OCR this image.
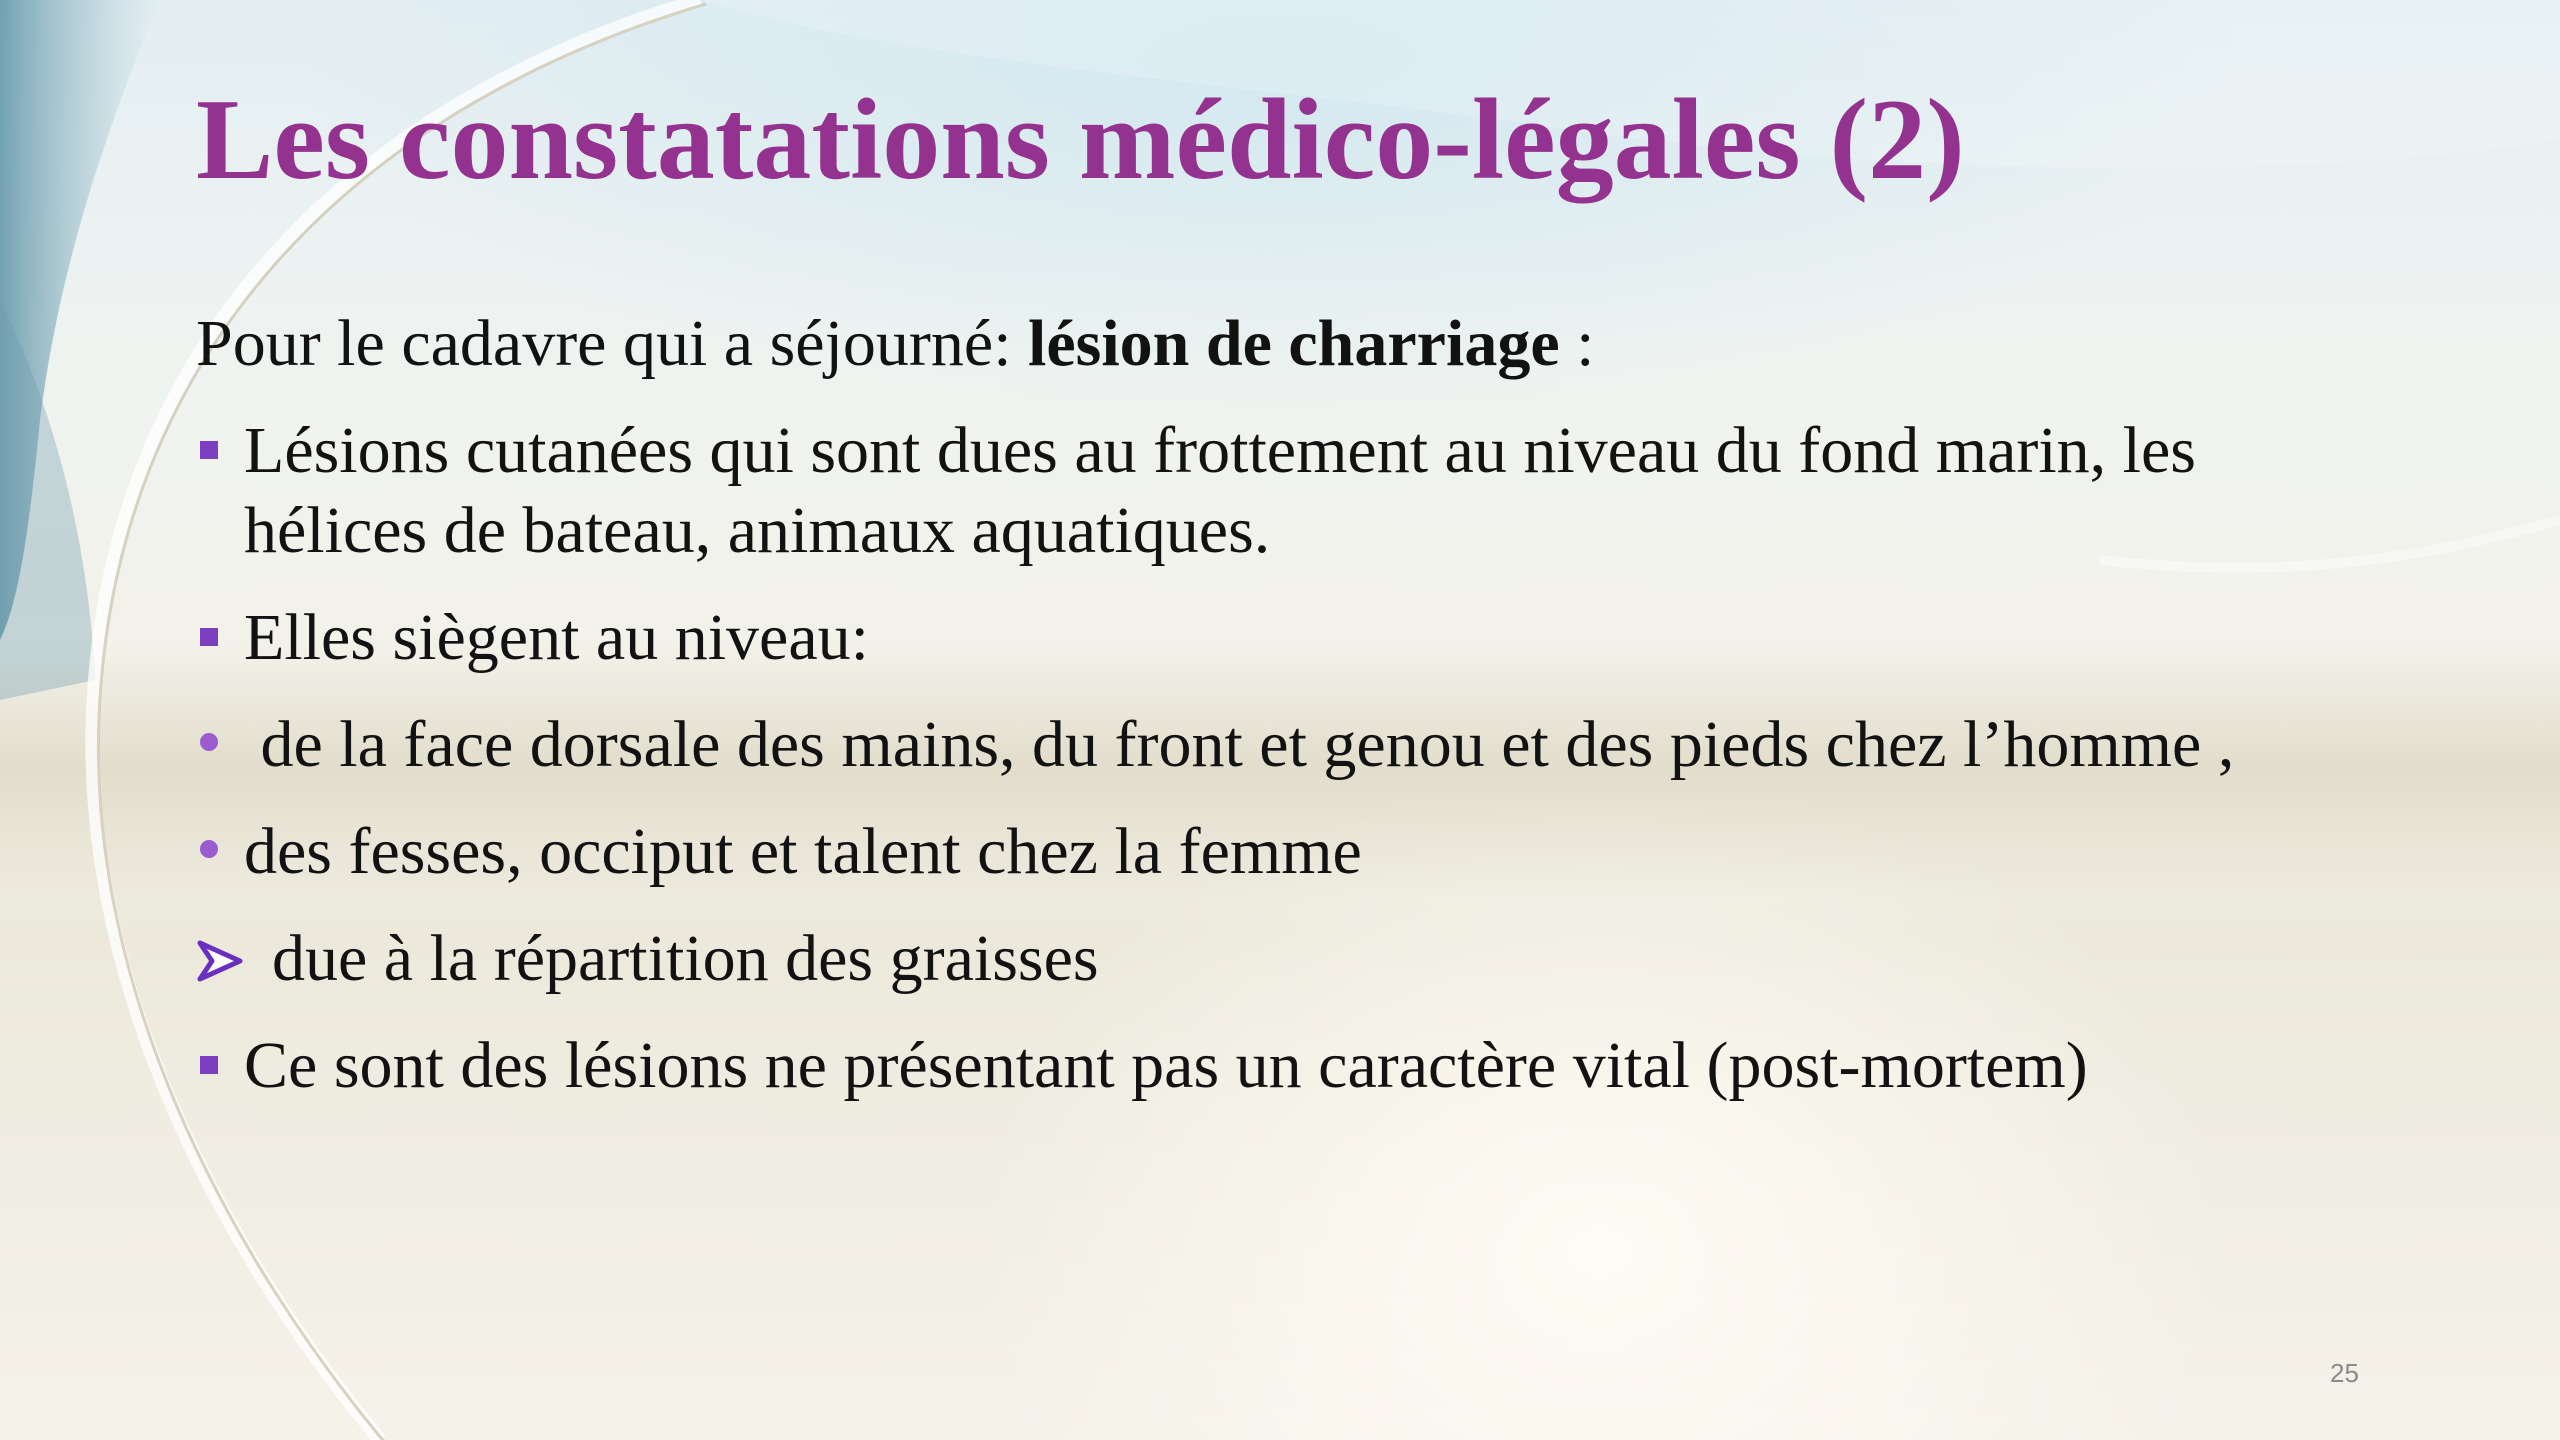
Les constatations médico-légales (2)

Pour le cadavre qui a séjourné: lésion de charriage :

Lésions cutanées qui sont dues au frottement au niveau du fond marin, les hélices de bateau, animaux aquatiques.
Elles siègent au niveau:
de la face dorsale des mains, du front et genou et des pieds chez l’homme ,
des fesses, occiput et talent chez la femme
due à la répartition des graisses
Ce sont des lésions ne présentant pas un caractère vital (post-mortem)
25
